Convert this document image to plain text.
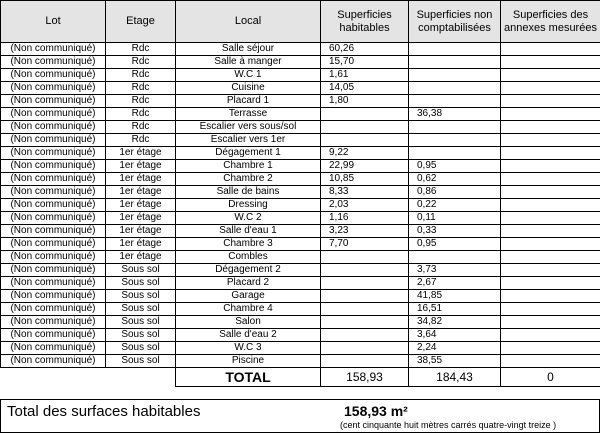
Lot	Etage	Local	Superficies habitables	Superficies non comptabilisées	Superficies des annexes mesurées
(Non communiqué)	Rdc	Salle séjour	60,26		
(Non communiqué)	Rdc	Salle à manger	15,70		
(Non communiqué)	Rdc	W.C 1	1,61		
(Non communiqué)	Rdc	Cuisine	14,05		
(Non communiqué)	Rdc	Placard 1	1,80		
(Non communiqué)	Rdc	Terrasse		36,38	
(Non communiqué)	Rdc	Escalier vers sous/sol			
(Non communiqué)	Rdc	Escalier vers 1er			
(Non communiqué)	1er étage	Dégagement 1	9,22		
(Non communiqué)	1er étage	Chambre 1	22,99	0,95	
(Non communiqué)	1er étage	Chambre 2	10,85	0,62	
(Non communiqué)	1er étage	Salle de bains	8,33	0,86	
(Non communiqué)	1er étage	Dressing	2,03	0,22	
(Non communiqué)	1er étage	W.C 2	1,16	0,11	
(Non communiqué)	1er étage	Salle d'eau 1	3,23	0,33	
(Non communiqué)	1er étage	Chambre 3	7,70	0,95	
(Non communiqué)	1er étage	Combles			
(Non communiqué)	Sous sol	Dégagement 2		3,73	
(Non communiqué)	Sous sol	Placard 2		2,67	
(Non communiqué)	Sous sol	Garage		41,85	
(Non communiqué)	Sous sol	Chambre 4		16,51	
(Non communiqué)	Sous sol	Salon		34,82	
(Non communiqué)	Sous sol	Salle d'eau 2		3,64	
(Non communiqué)	Sous sol	W.C 3		2,24	
(Non communiqué)	Sous sol	Piscine		38,55	
		TOTAL	158,93	184,43	0
Total des surfaces habitables	158,93 m²
(cent cinquante huit mètres carrés quatre-vingt treize )
